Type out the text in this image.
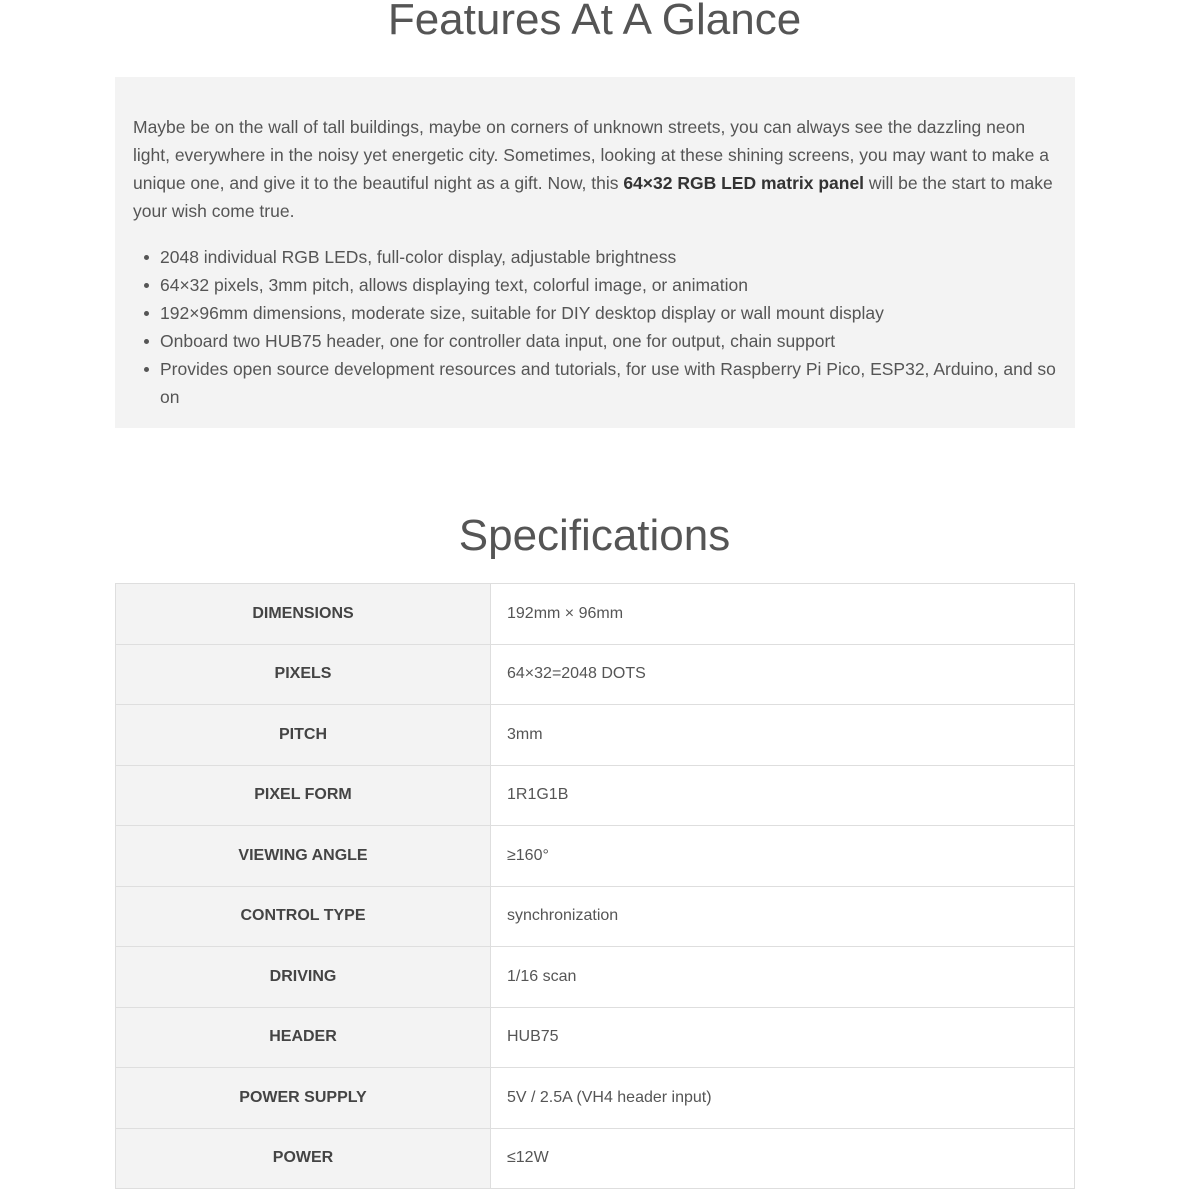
Features At A Glance

Maybe be on the wall of tall buildings, maybe on corners of unknown streets, you can always see the dazzling neon light, everywhere in the noisy yet energetic city. Sometimes, looking at these shining screens, you may want to make a unique one, and give it to the beautiful night as a gift. Now, this 64×32 RGB LED matrix panel will be the start to make your wish come true.

2048 individual RGB LEDs, full-color display, adjustable brightness
64×32 pixels, 3mm pitch, allows displaying text, colorful image, or animation
192×96mm dimensions, moderate size, suitable for DIY desktop display or wall mount display
Onboard two HUB75 header, one for controller data input, one for output, chain support
Provides open source development resources and tutorials, for use with Raspberry Pi Pico, ESP32, Arduino, and so on
Specifications
DIMENSIONS	192mm × 96mm
PIXELS	64×32=2048 DOTS
PITCH	3mm
PIXEL FORM	1R1G1B
VIEWING ANGLE	≥160°
CONTROL TYPE	synchronization
DRIVING	1/16 scan
HEADER	HUB75
POWER SUPPLY	5V / 2.5A (VH4 header input)
POWER	≤12W
